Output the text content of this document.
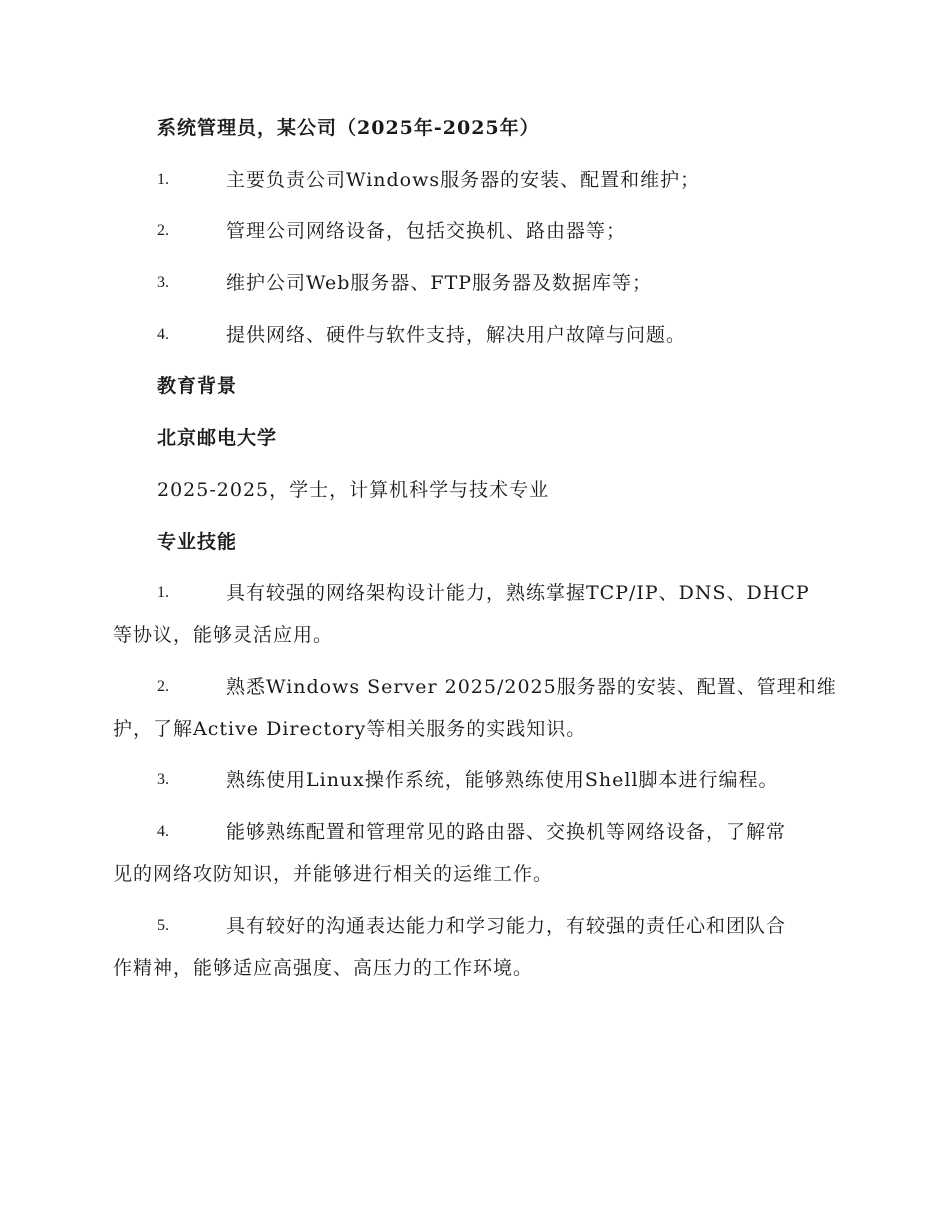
系统管理员，某公司（2025年-2025年）
1.	主要负责公司Windows服务器的安装、配置和维护；
2.	管理公司网络设备，包括交换机、路由器等；
3.	维护公司Web服务器、FTP服务器及数据库等；
4.	提供网络、硬件与软件支持，解决用户故障与问题。
教育背景
北京邮电大学
2025-2025，学士，计算机科学与技术专业
专业技能
1.	具有较强的网络架构设计能力，熟练掌握TCP/IP、DNS、DHCP
等协议，能够灵活应用。
2.	熟悉Windows Server 2025/2025服务器的安装、配置、管理和维
护，了解Active Directory等相关服务的实践知识。
3.	熟练使用Linux操作系统，能够熟练使用Shell脚本进行编程。
4.	能够熟练配置和管理常见的路由器、交换机等网络设备，了解常
见的网络攻防知识，并能够进行相关的运维工作。
5.	具有较好的沟通表达能力和学习能力，有较强的责任心和团队合
作精神，能够适应高强度、高压力的工作环境。
